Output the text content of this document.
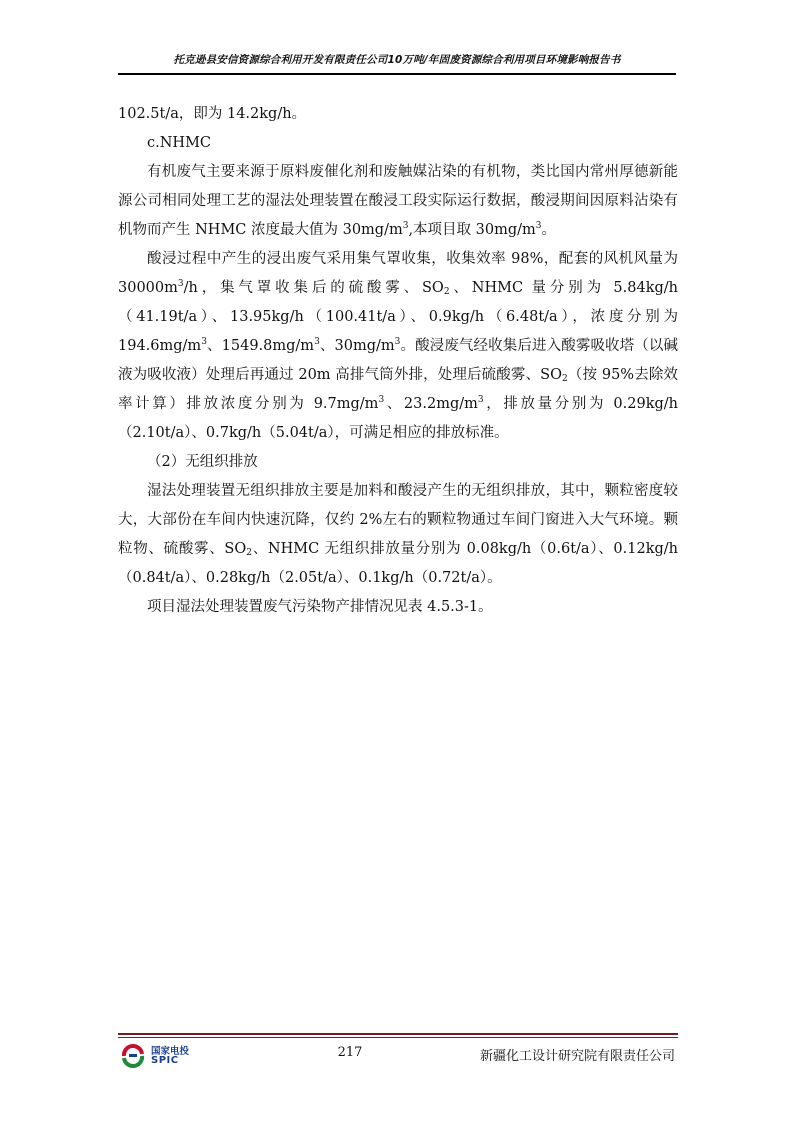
托克逊县安信资源综合利用开发有限责任公司10万吨/年固废资源综合利用项目环境影响报告书

102.5t/a，即为 14.2kg/h。

c.NHMC

有机废气主要来源于原料废催化剂和废触媒沾染的有机物，类比国内常州厚德新能源公司相同处理工艺的湿法处理装置在酸浸工段实际运行数据，酸浸期间因原料沾染有机物而产生 NHMC 浓度最大值为 $30mg/m^3$,本项目取 $30mg/m^3$。

酸浸过程中产生的浸出废气采用集气罩收集，收集效率 98%，配套的风机风量为 $30000m^3/h$，集气罩收集后的硫酸雾、$SO_2$、NHMC 量分别为 5.84kg/h（41.19t/a）、13.95kg/h（100.41t/a）、0.9kg/h（6.48t/a），浓度分别为 $194.6mg/m^3$、$1549.8mg/m^3$、$30mg/m^3$。酸浸废气经收集后进入酸雾吸收塔（以碱液为吸收液）处理后再通过 20m 高排气筒外排，处理后硫酸雾、$SO_2$（按 95%去除效率计算）排放浓度分别为 $9.7mg/m^3$、$23.2mg/m^3$，排放量分别为 0.29kg/h（2.10t/a）、0.7kg/h（5.04t/a），可满足相应的排放标准。

（2）无组织排放

湿法处理装置无组织排放主要是加料和酸浸产生的无组织排放，其中，颗粒密度较大，大部份在车间内快速沉降，仅约 2%左右的颗粒物通过车间门窗进入大气环境。颗粒物、硫酸雾、$SO_2$、NHMC 无组织排放量分别为 0.08kg/h（0.6t/a）、0.12kg/h（0.84t/a）、0.28kg/h（2.05t/a）、0.1kg/h（0.72t/a）。

项目湿法处理装置废气污染物产排情况见表 4.5.3-1。

国家电投
SPIC
217	新疆化工设计研究院有限责任公司
